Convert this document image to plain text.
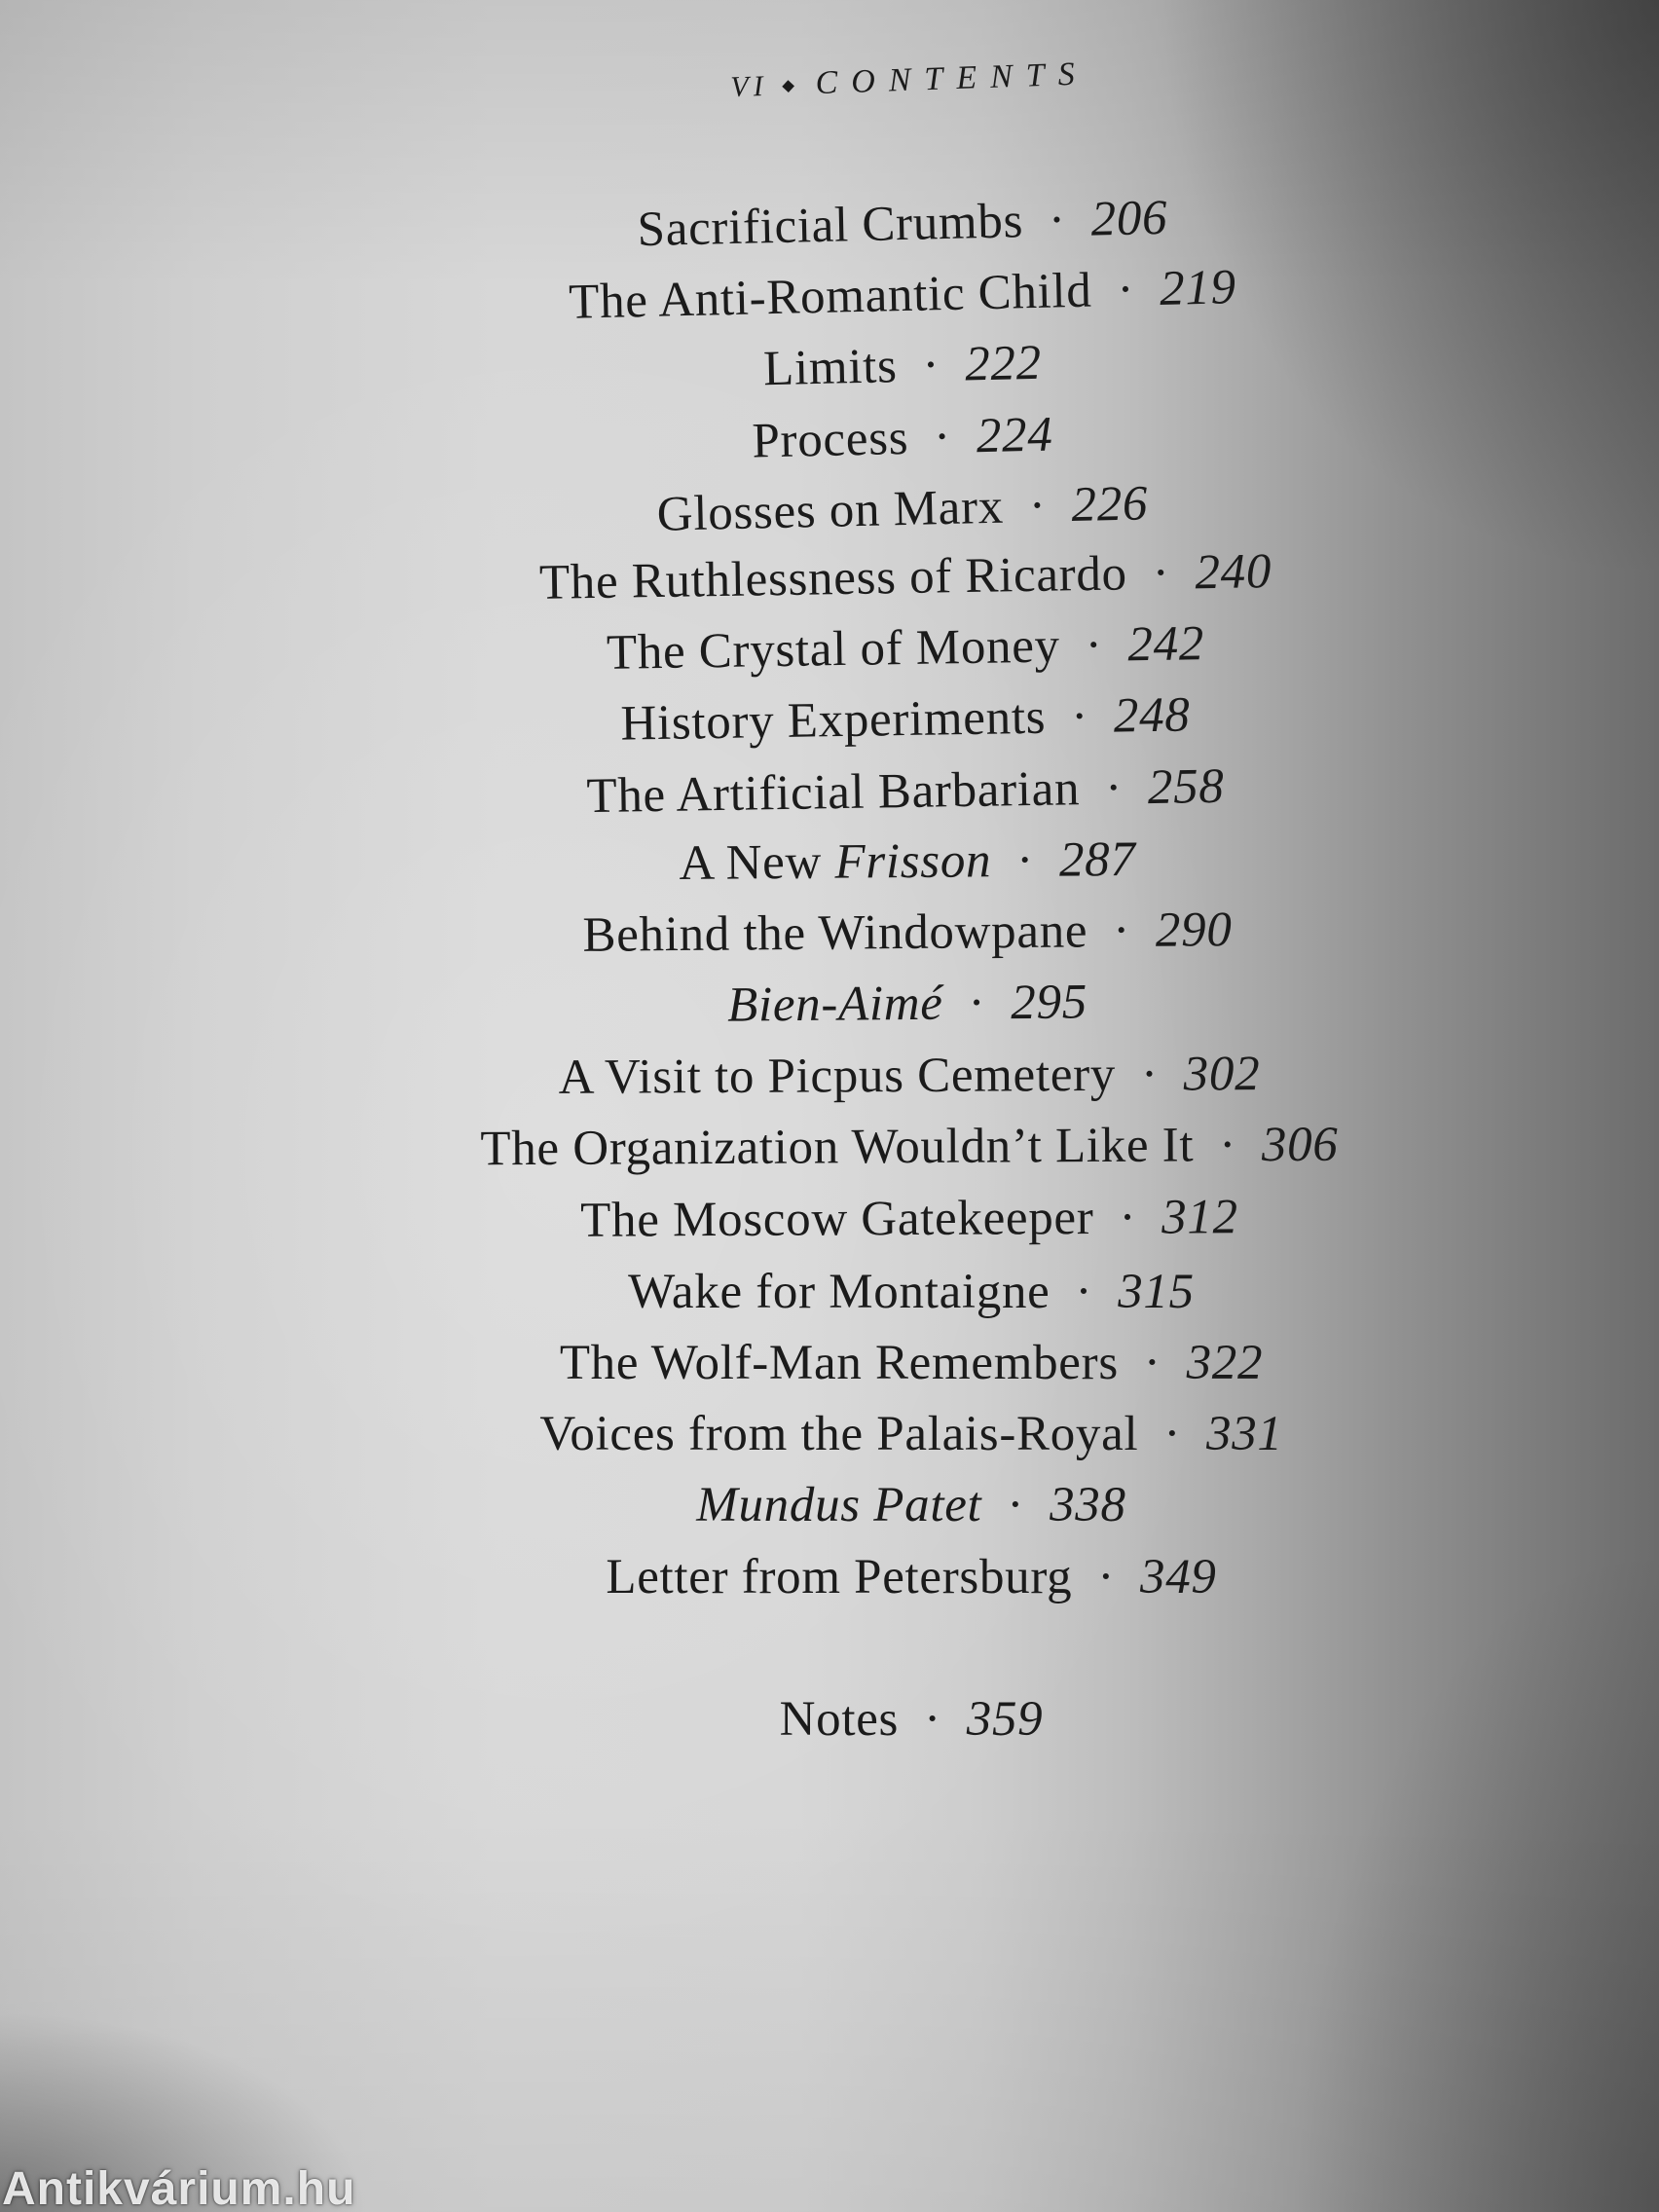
VI CONTENTS
Sacrificial Crumbs · 206
The Anti-Romantic Child · 219
Limits · 222
Process · 224
Glosses on Marx · 226
The Ruthlessness of Ricardo · 240
The Crystal of Money · 242
History Experiments · 248
The Artificial Barbarian · 258
A New Frisson · 287
Behind the Windowpane · 290
Bien-Aimé · 295
A Visit to Picpus Cemetery · 302
The Organization Wouldn’t Like It · 306
The Moscow Gatekeeper · 312
Wake for Montaigne · 315
The Wolf-Man Remembers · 322
Voices from the Palais-Royal · 331
Mundus Patet · 338
Letter from Petersburg · 349
Notes · 359
Antikvárium.hu
